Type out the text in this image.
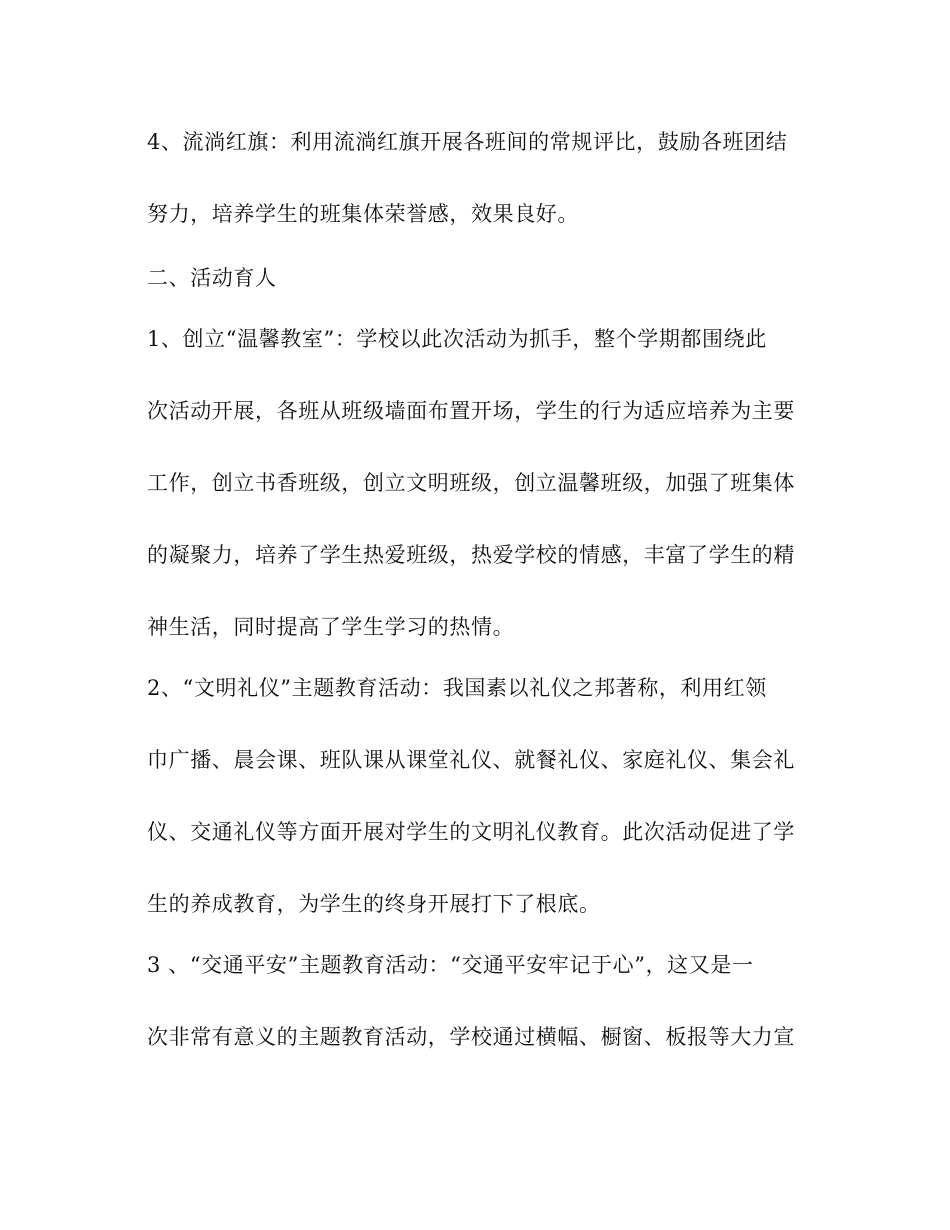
4、流淌红旗：利用流淌红旗开展各班间的常规评比，鼓励各班团结
努力，培养学生的班集体荣誉感，效果良好。
二、活动育人
1、创立“温馨教室”：学校以此次活动为抓手，整个学期都围绕此
次活动开展，各班从班级墙面布置开场，学生的行为适应培养为主要
工作，创立书香班级，创立文明班级，创立温馨班级，加强了班集体
的凝聚力，培养了学生热爱班级，热爱学校的情感，丰富了学生的精
神生活，同时提高了学生学习的热情。
2、“文明礼仪”主题教育活动：我国素以礼仪之邦著称，利用红领
巾广播、晨会课、班队课从课堂礼仪、就餐礼仪、家庭礼仪、集会礼
仪、交通礼仪等方面开展对学生的文明礼仪教育。此次活动促进了学
生的养成教育，为学生的终身开展打下了根底。
3 、“交通平安”主题教育活动：“交通平安牢记于心”，这又是一
次非常有意义的主题教育活动，学校通过横幅、橱窗、板报等大力宣
